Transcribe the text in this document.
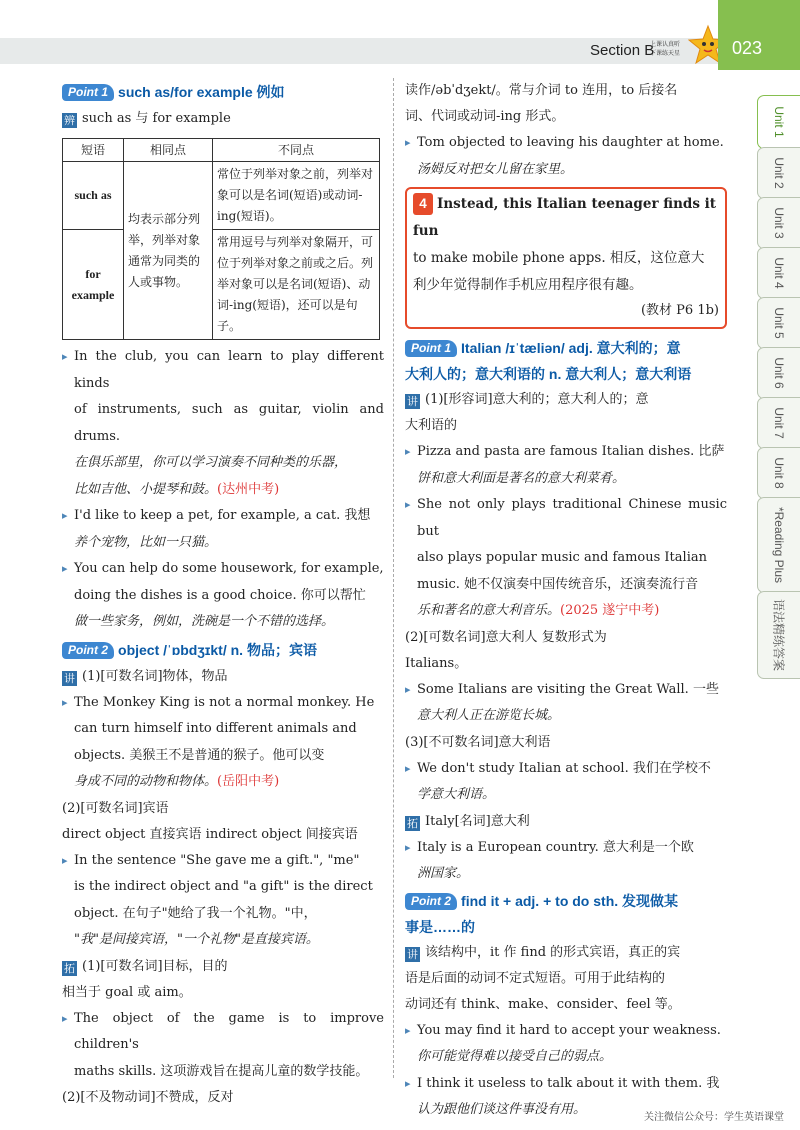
Section B
上课认真听
下课练天星	023
Unit 1
Unit 2
Unit 3
Unit 4
Unit 5
Unit 6
Unit 7
Unit 8
*Reading Plus
语法精练答案
Point 1 such as/for example 例如
辨 such as 与 for example
短语	相同点	不同点
such as	均表示部分列举，列举对象通常为同类的人或事物。	常位于列举对象之前，列举对象可以是名词(短语)或动词-ing(短语)。
for example		常用逗号与列举对象隔开，可位于列举对象之前或之后。列举对象可以是名词(短语)、动词-ing(短语)，还可以是句子。
▸ In the club, you can learn to play different kinds
of instruments, such as guitar, violin and drums.
在俱乐部里，你可以学习演奏不同种类的乐器，
比如吉他、小提琴和鼓。(达州中考)
▸ I'd like to keep a pet, for example, a cat. 我想
养个宠物，比如一只猫。
▸ You can help do some housework, for example,
doing the dishes is a good choice. 你可以帮忙
做一些家务，例如，洗碗是一个不错的选择。
Point 2 object /ˈɒbdʒɪkt/ n. 物品；宾语
讲 (1)[可数名词]物体，物品
▸ The Monkey King is not a normal monkey. He
can turn himself into different animals and
objects. 美猴王不是普通的猴子。他可以变
身成不同的动物和物体。(岳阳中考)
(2)[可数名词]宾语
direct object 直接宾语 indirect object 间接宾语
▸ In the sentence "She gave me a gift.", "me"
is the indirect object and "a gift" is the direct
object. 在句子"她给了我一个礼物。"中，
"我"是间接宾语，"一个礼物"是直接宾语。
拓 (1)[可数名词]目标，目的
相当于 goal 或 aim。
▸ The object of the game is to improve children's
maths skills. 这项游戏旨在提高儿童的数学技能。
(2)[不及物动词]不赞成，反对
读作/əbˈdʒekt/。常与介词 to 连用，to 后接名
词、代词或动词-ing 形式。
▸ Tom objected to leaving his daughter at home.
汤姆反对把女儿留在家里。
4 Instead, this Italian teenager finds it fun
to make mobile phone apps. 相反，这位意大
利少年觉得制作手机应用程序很有趣。
(教材 P6 1b)
Point 1 Italian /ɪˈtæliən/ adj. 意大利的；意
大利人的；意大利语的 n. 意大利人；意大利语
讲 (1)[形容词]意大利的；意大利人的；意
大利语的
▸ Pizza and pasta are famous Italian dishes. 比萨
饼和意大利面是著名的意大利菜肴。
▸ She not only plays traditional Chinese music but
also plays popular music and famous Italian
music. 她不仅演奏中国传统音乐，还演奏流行音
乐和著名的意大利音乐。(2025 遂宁中考)
(2)[可数名词]意大利人 复数形式为
Italians。
▸ Some Italians are visiting the Great Wall. 一些
意大利人正在游览长城。
(3)[不可数名词]意大利语
▸ We don't study Italian at school. 我们在学校不
学意大利语。
拓 Italy[名词]意大利
▸ Italy is a European country. 意大利是一个欧
洲国家。
Point 2 find it + adj. + to do sth. 发现做某
事是……的
讲 该结构中，it 作 find 的形式宾语，真正的宾
语是后面的动词不定式短语。可用于此结构的
动词还有 think、make、consider、feel 等。
▸ You may find it hard to accept your weakness.
你可能觉得难以接受自己的弱点。
▸ I think it useless to talk about it with them. 我
认为跟他们谈这件事没有用。
关注微信公众号：学生英语课堂
